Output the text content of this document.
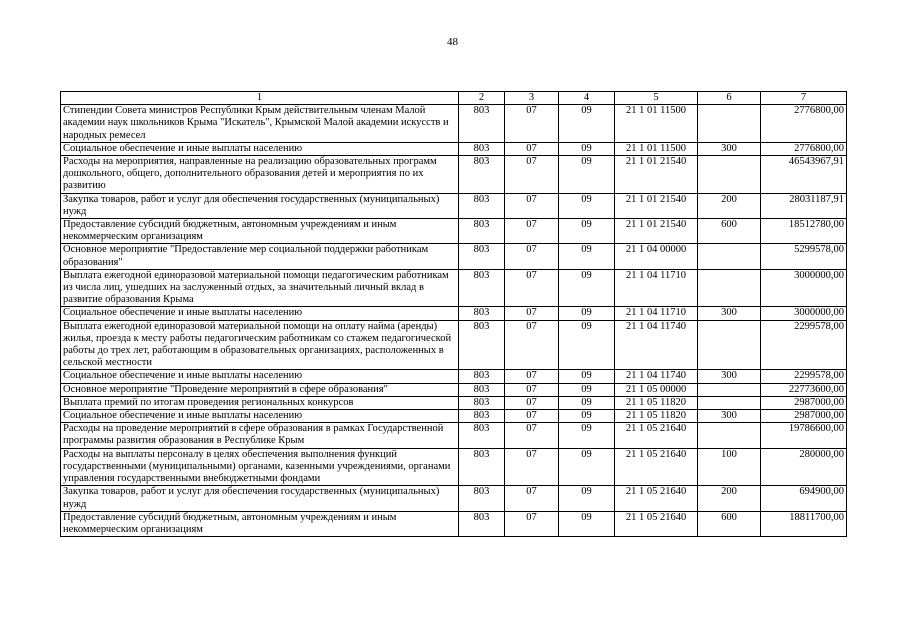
48
1	2	3	4	5	6	7
Стипендии Совета министров Республики Крым действительным членам Малой академии наук школьников Крыма "Искатель", Крымской Малой академии искусств и народных ремесел	803	07	09	21 1 01 11500		2776800,00
Социальное обеспечение и иные выплаты населению	803	07	09	21 1 01 11500	300	2776800,00
Расходы на мероприятия, направленные на реализацию образовательных программ дошкольного, общего, дополнительного образования детей и мероприятия по их развитию	803	07	09	21 1 01 21540		46543967,91
Закупка товаров, работ и услуг для обеспечения государственных (муниципальных) нужд	803	07	09	21 1 01 21540	200	28031187,91
Предоставление субсидий бюджетным, автономным учреждениям и иным некоммерческим организациям	803	07	09	21 1 01 21540	600	18512780,00
Основное мероприятие "Предоставление мер социальной поддержки работникам образования"	803	07	09	21 1 04 00000		5299578,00
Выплата ежегодной единоразовой материальной помощи педагогическим работникам из числа лиц, ушедших на заслуженный отдых, за значительный личный вклад в развитие образования Крыма	803	07	09	21 1 04 11710		3000000,00
Социальное обеспечение и иные выплаты населению	803	07	09	21 1 04 11710	300	3000000,00
Выплата ежегодной единоразовой материальной помощи на оплату найма (аренды) жилья, проезда к месту работы педагогическим работникам со стажем педагогической работы до трех лет, работающим в образовательных организациях, расположенных в сельской местности	803	07	09	21 1 04 11740		2299578,00
Социальное обеспечение и иные выплаты населению	803	07	09	21 1 04 11740	300	2299578,00
Основное мероприятие "Проведение мероприятий в сфере образования"	803	07	09	21 1 05 00000		22773600,00
Выплата премий по итогам проведения региональных конкурсов	803	07	09	21 1 05 11820		2987000,00
Социальное обеспечение и иные выплаты населению	803	07	09	21 1 05 11820	300	2987000,00
Расходы на проведение мероприятий в сфере образования в рамках Государственной программы развития образования в Республике Крым	803	07	09	21 1 05 21640		19786600,00
Расходы на выплаты персоналу в целях обеспечения выполнения функций государственными (муниципальными) органами, казенными учреждениями, органами управления государственными внебюджетными фондами	803	07	09	21 1 05 21640	100	280000,00
Закупка товаров, работ и услуг для обеспечения государственных (муниципальных) нужд	803	07	09	21 1 05 21640	200	694900,00
Предоставление субсидий бюджетным, автономным учреждениям и иным некоммерческим организациям	803	07	09	21 1 05 21640	600	18811700,00
